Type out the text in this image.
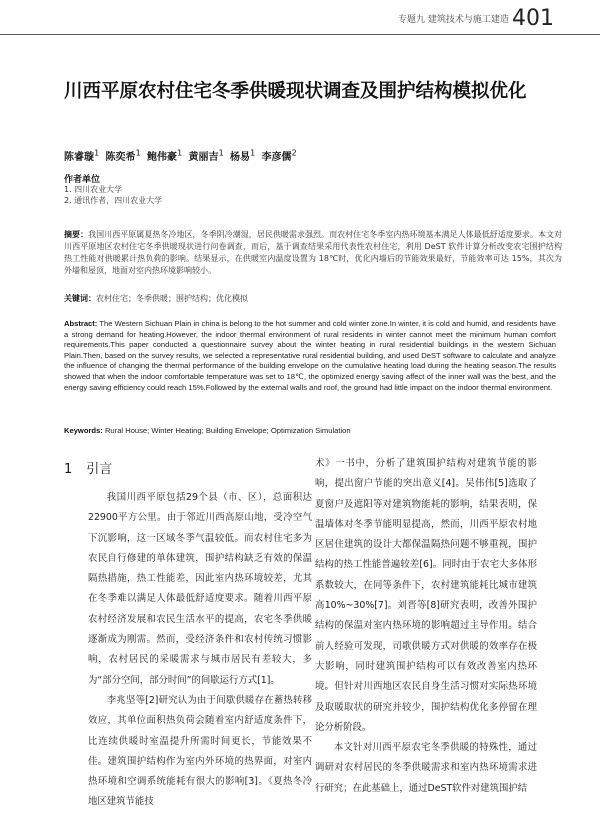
专题九 建筑技术与施工建造 401
川西平原农村住宅冬季供暖现状调查及围护结构模拟优化
陈睿璇$^1$ 陈奕希$^1$ 鲍伟豪$^1$ 黄丽吉$^1$ 杨易$^1$ 李彦儒$^2$
作者单位
1. 四川农业大学
2. 通讯作者，四川农业大学
摘要：我国川西平原属夏热冬冷地区，冬季阴冷潮湿，居民供暖需求强烈。而农村住宅冬季室内热环境基本满足人体最低舒适度要求。本文对川西平原地区农村住宅冬季供暖现状进行问卷调查，而后，基于调查结果采用代表性农村住宅，利用 DeST 软件计算分析改变农宅围护结构热工性能对供暖累计热负荷的影响。结果显示，在供暖室内温度设置为 18℃时，优化内墙后的节能效果最好，节能效率可达 15%，其次为外墙和屋顶，地面对室内热环境影响较小。
关键词：农村住宅；冬季供暖；围护结构；优化模拟
Abstract: The Western Sichuan Plain in china is belong to the hot summer and cold winter zone.In winter, it is cold and humid, and residents have a strong demand for heating.However, the indoor thermal environment of rural residents in winter cannot meet the minimum human comfort requirements.This paper conducted a questionnaire survey about the winter heating in rural residential buildings in the western Sichuan Plain.Then, based on the survey results, we selected a representative rural residential building, and used DeST software to calculate and analyze the influence of changing the thermal performance of the building envelope on the cumulative heating load during the heating season.The results showed that when the indoor comfortable temperature was set to 18℃, the optimized energy saving affect of the inner wall was the best, and the energy saving efficiency could reach 15%.Followed by the external walls and roof, the ground had little impact on the indoor thermal environment.
Keywords: Rural House; Winter Heating; Building Envelope; Optimization Simulation
1 引言

我国川西平原包括29个县（市、区），总面积达22900平方公里。由于邻近川西高原山地，受冷空气下沉影响，这一区域冬季气温较低。而农村住宅多为农民自行修建的单体建筑，围护结构缺乏有效的保温隔热措施，热工性能差，因此室内热环境较差，尤其在冬季难以满足人体最低舒适度要求。随着川西平原农村经济发展和农民生活水平的提高，农宅冬季供暖逐渐成为刚需。然而，受经济条件和农村传统习惯影响，农村居民的采暖需求与城市居民有差较大，多为“部分空间，部分时间”的间歇运行方式[1]。

李兆坚等[2]研究认为由于间歇供暖存在蓄热转移效应，其单位面积热负荷会随着室内舒适度条件下，比连续供暖时室温提升所需时间更长，节能效果不佳。建筑围护结构作为室内外环境的热界面，对室内热环境和空调系统能耗有很大的影响[3]。《夏热冬冷地区建筑节能技

术》一书中，分析了建筑围护结构对建筑节能的影响，提出窗户节能的突出意义[4]。吴伟伟[5]选取了夏窗户及遮阳等对建筑物能耗的影响，结果表明，保温墙体对冬季节能明显提高，然而，川西平原农村地区居住建筑的设计大都保温隔热问题不够重视，围护结构的热工性能普遍较差[6]。同时由于农宅大多体形系数较大，在同等条件下，农村建筑能耗比城市建筑高10%~30%[7]。刘晋等[8]研究表明，改善外围护结构的保温对室内热环境的影响超过主导作用。结合前人经验可发现，司歌供暖方式对供暖的效率存在极大影响，同时建筑围护结构可以有效改善室内热环境。但针对川西地区农民自身生活习惯对实际热环境及取暖取状的研究并较少，围护结构优化多停留在理论分析阶段。

本文针对川西平原农宅冬季供暖的特殊性，通过调研对农村居民的冬季供暖需求和室内热环境需求进行研究；在此基础上，通过DeST软件对建筑围护结
